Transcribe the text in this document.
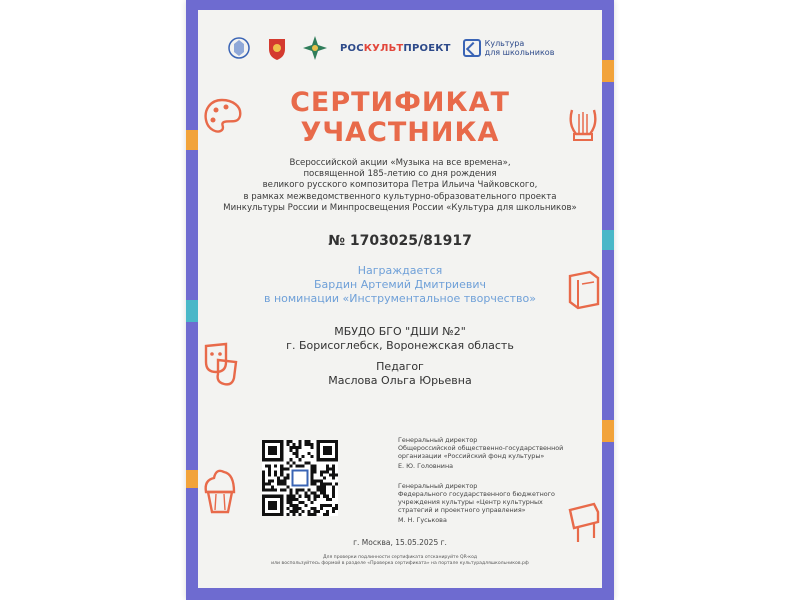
РОСКУЛЬТПРОЕКТ	Культура
для школьников
СЕРТИФИКАТ
УЧАСТНИКА
Всероссийской акции «Музыка на все времена»,
посвященной 185-летию со дня рождения
великого русского композитора Петра Ильича Чайковского,
в рамках межведомственного культурно-образовательного проекта
Минкультуры России и Минпросвещения России «Культура для школьников»
№ 1703025/81917
Награждается
Бардин Артемий Дмитриевич
в номинации «Инструментальное творчество»
МБУДО БГО "ДШИ №2"
г. Борисоглебск, Воронежская область
Педагог
Маслова Ольга Юрьевна
г. Москва, 15.05.2025 г.
Для проверки подлинности сертификата отсканируйте QR-код
или воспользуйтесь формой в разделе «Проверка сертификата» на портале культурадляшкольников.рф
Генеральный директор
Общероссийской общественно-государственной
организации «Российский фонд культуры»
Е. Ю. Головнина
Генеральный директор
Федерального государственного бюджетного
учреждения культуры «Центр культурных
стратегий и проектного управления»
М. Н. Гуськова
